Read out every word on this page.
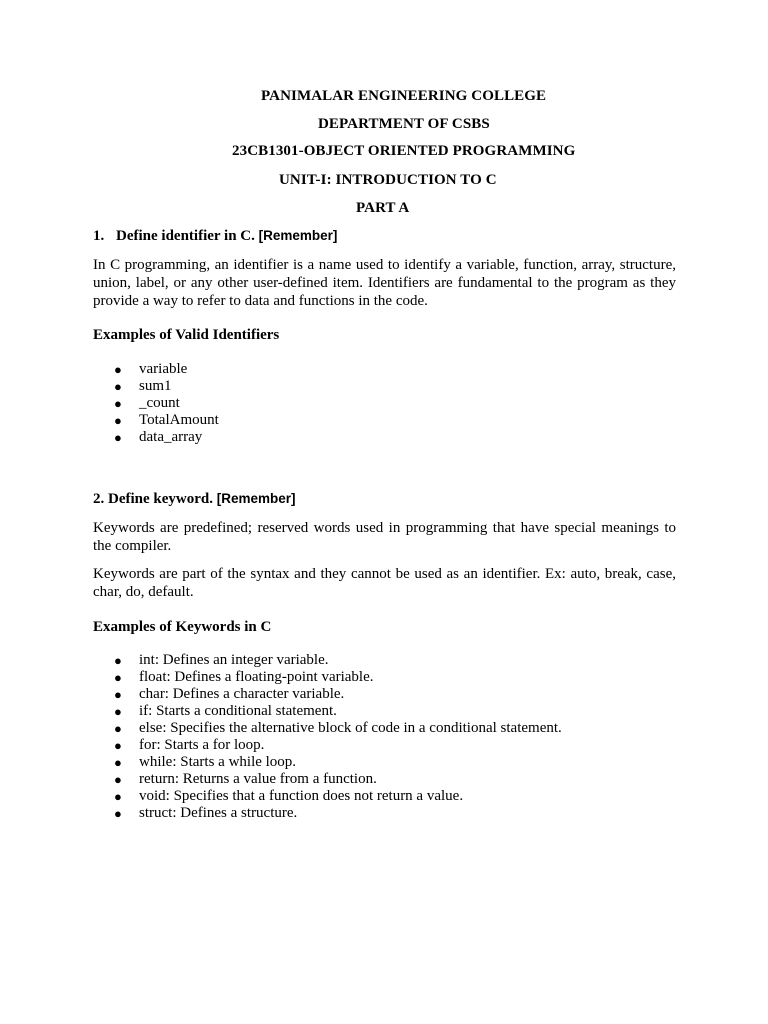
PANIMALAR ENGINEERING COLLEGE
DEPARTMENT OF CSBS
23CB1301-OBJECT ORIENTED PROGRAMMING
UNIT-I: INTRODUCTION TO C
PART A
1. Define identifier in C. [Remember]
In C programming, an identifier is a name used to identify a variable, function, array, structure, union, label, or any other user-defined item. Identifiers are fundamental to the program as they provide a way to refer to data and functions in the code.
Examples of Valid Identifiers
● variable
● sum1
● _count
● TotalAmount
● data_array
2. Define keyword. [Remember]
Keywords are predefined; reserved words used in programming that have special meanings to the compiler.
Keywords are part of the syntax and they cannot be used as an identifier. Ex: auto, break, case, char, do, default.
Examples of Keywords in C
● int: Defines an integer variable.
● float: Defines a floating-point variable.
● char: Defines a character variable.
● if: Starts a conditional statement.
● else: Specifies the alternative block of code in a conditional statement.
● for: Starts a for loop.
● while: Starts a while loop.
● return: Returns a value from a function.
● void: Specifies that a function does not return a value.
● struct: Defines a structure.
